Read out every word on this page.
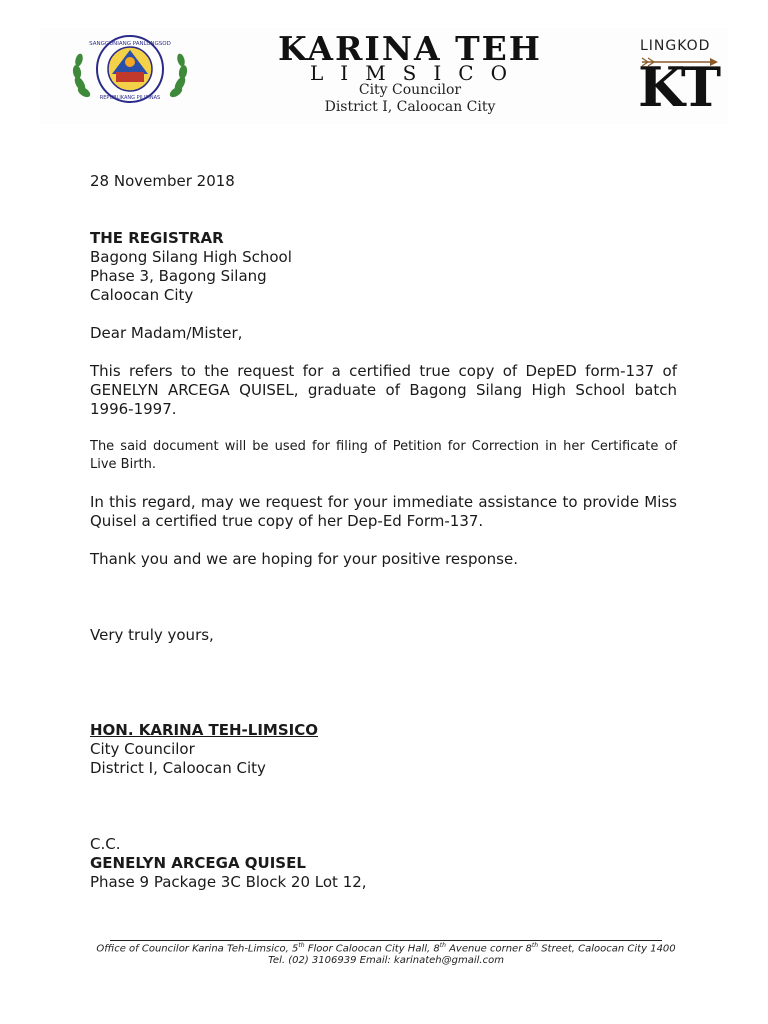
SANGGUNIANG PANLUNGSOD
REPUBLIKANG PILIPINAS
KARINA TEH
LIMSICO
City Councilor
District I, Caloocan City
LINGKOD
KT
28 November 2018
THE REGISTRAR
Bagong Silang High School
Phase 3, Bagong Silang
Caloocan City
Dear Madam/Mister,
This refers to the request for a certified true copy of DepED form-137 of GENELYN ARCEGA QUISEL, graduate of Bagong Silang High School batch 1996-1997.
The said document will be used for filing of Petition for Correction in her Certificate of Live Birth.
In this regard, may we request for your immediate assistance to provide Miss Quisel a certified true copy of her Dep-Ed Form-137.
Thank you and we are hoping for your positive response.
Very truly yours,
HON. KARINA TEH-LIMSICO
City Councilor
District I, Caloocan City
C.C.
GENELYN ARCEGA QUISEL
Phase 9 Package 3C Block 20 Lot 12,
Office of Councilor Karina Teh-Limsico, 5th Floor Caloocan City Hall, 8th Avenue corner 8th Street, Caloocan City 1400
Tel. (02) 3106939 Email: karinateh@gmail.com
